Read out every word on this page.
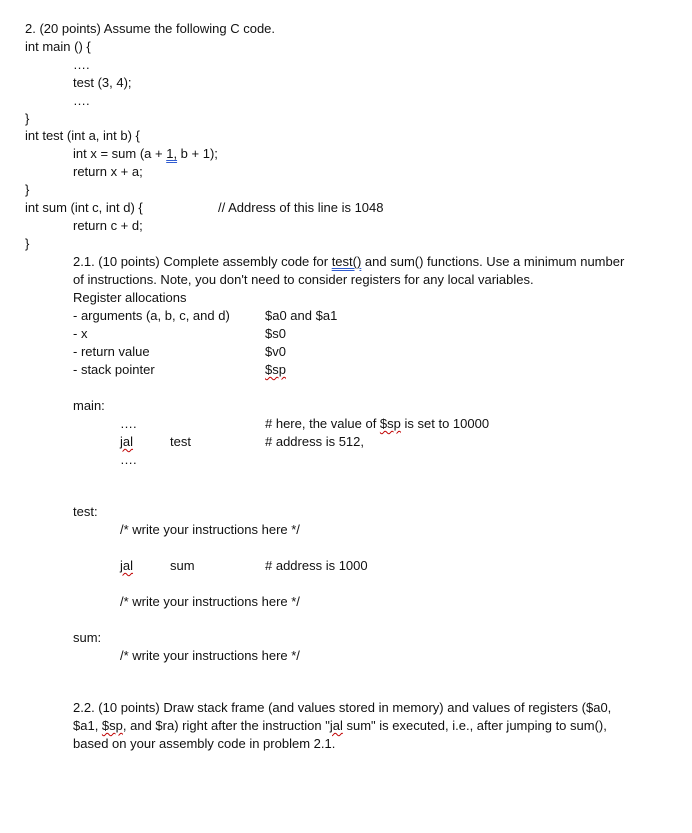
2. (20 points) Assume the following C code.
int main () {
….
test (3, 4);
….
}
int test (int a, int b) {
int x = sum (a + 1, b + 1);
return x + a;
}
int sum (int c, int d) {	// Address of this line is 1048
return c + d;
}
2.1. (10 points) Complete assembly code for test() and sum() functions. Use a minimum number
of instructions. Note, you don't need to consider registers for any local variables.
Register allocations
- arguments (a, b, c, and d)	$a0 and $a1
- x	$s0
- return value	$v0
- stack pointer	$sp
main:
….	# here, the value of $sp is set to 10000
jal	test	# address is 512,
….
test:
/* write your instructions here */
jal	sum	# address is 1000
/* write your instructions here */
sum:
/* write your instructions here */
2.2. (10 points) Draw stack frame (and values stored in memory) and values of registers ($a0,
$a1, $sp, and $ra) right after the instruction "jal sum" is executed, i.e., after jumping to sum(),
based on your assembly code in problem 2.1.
